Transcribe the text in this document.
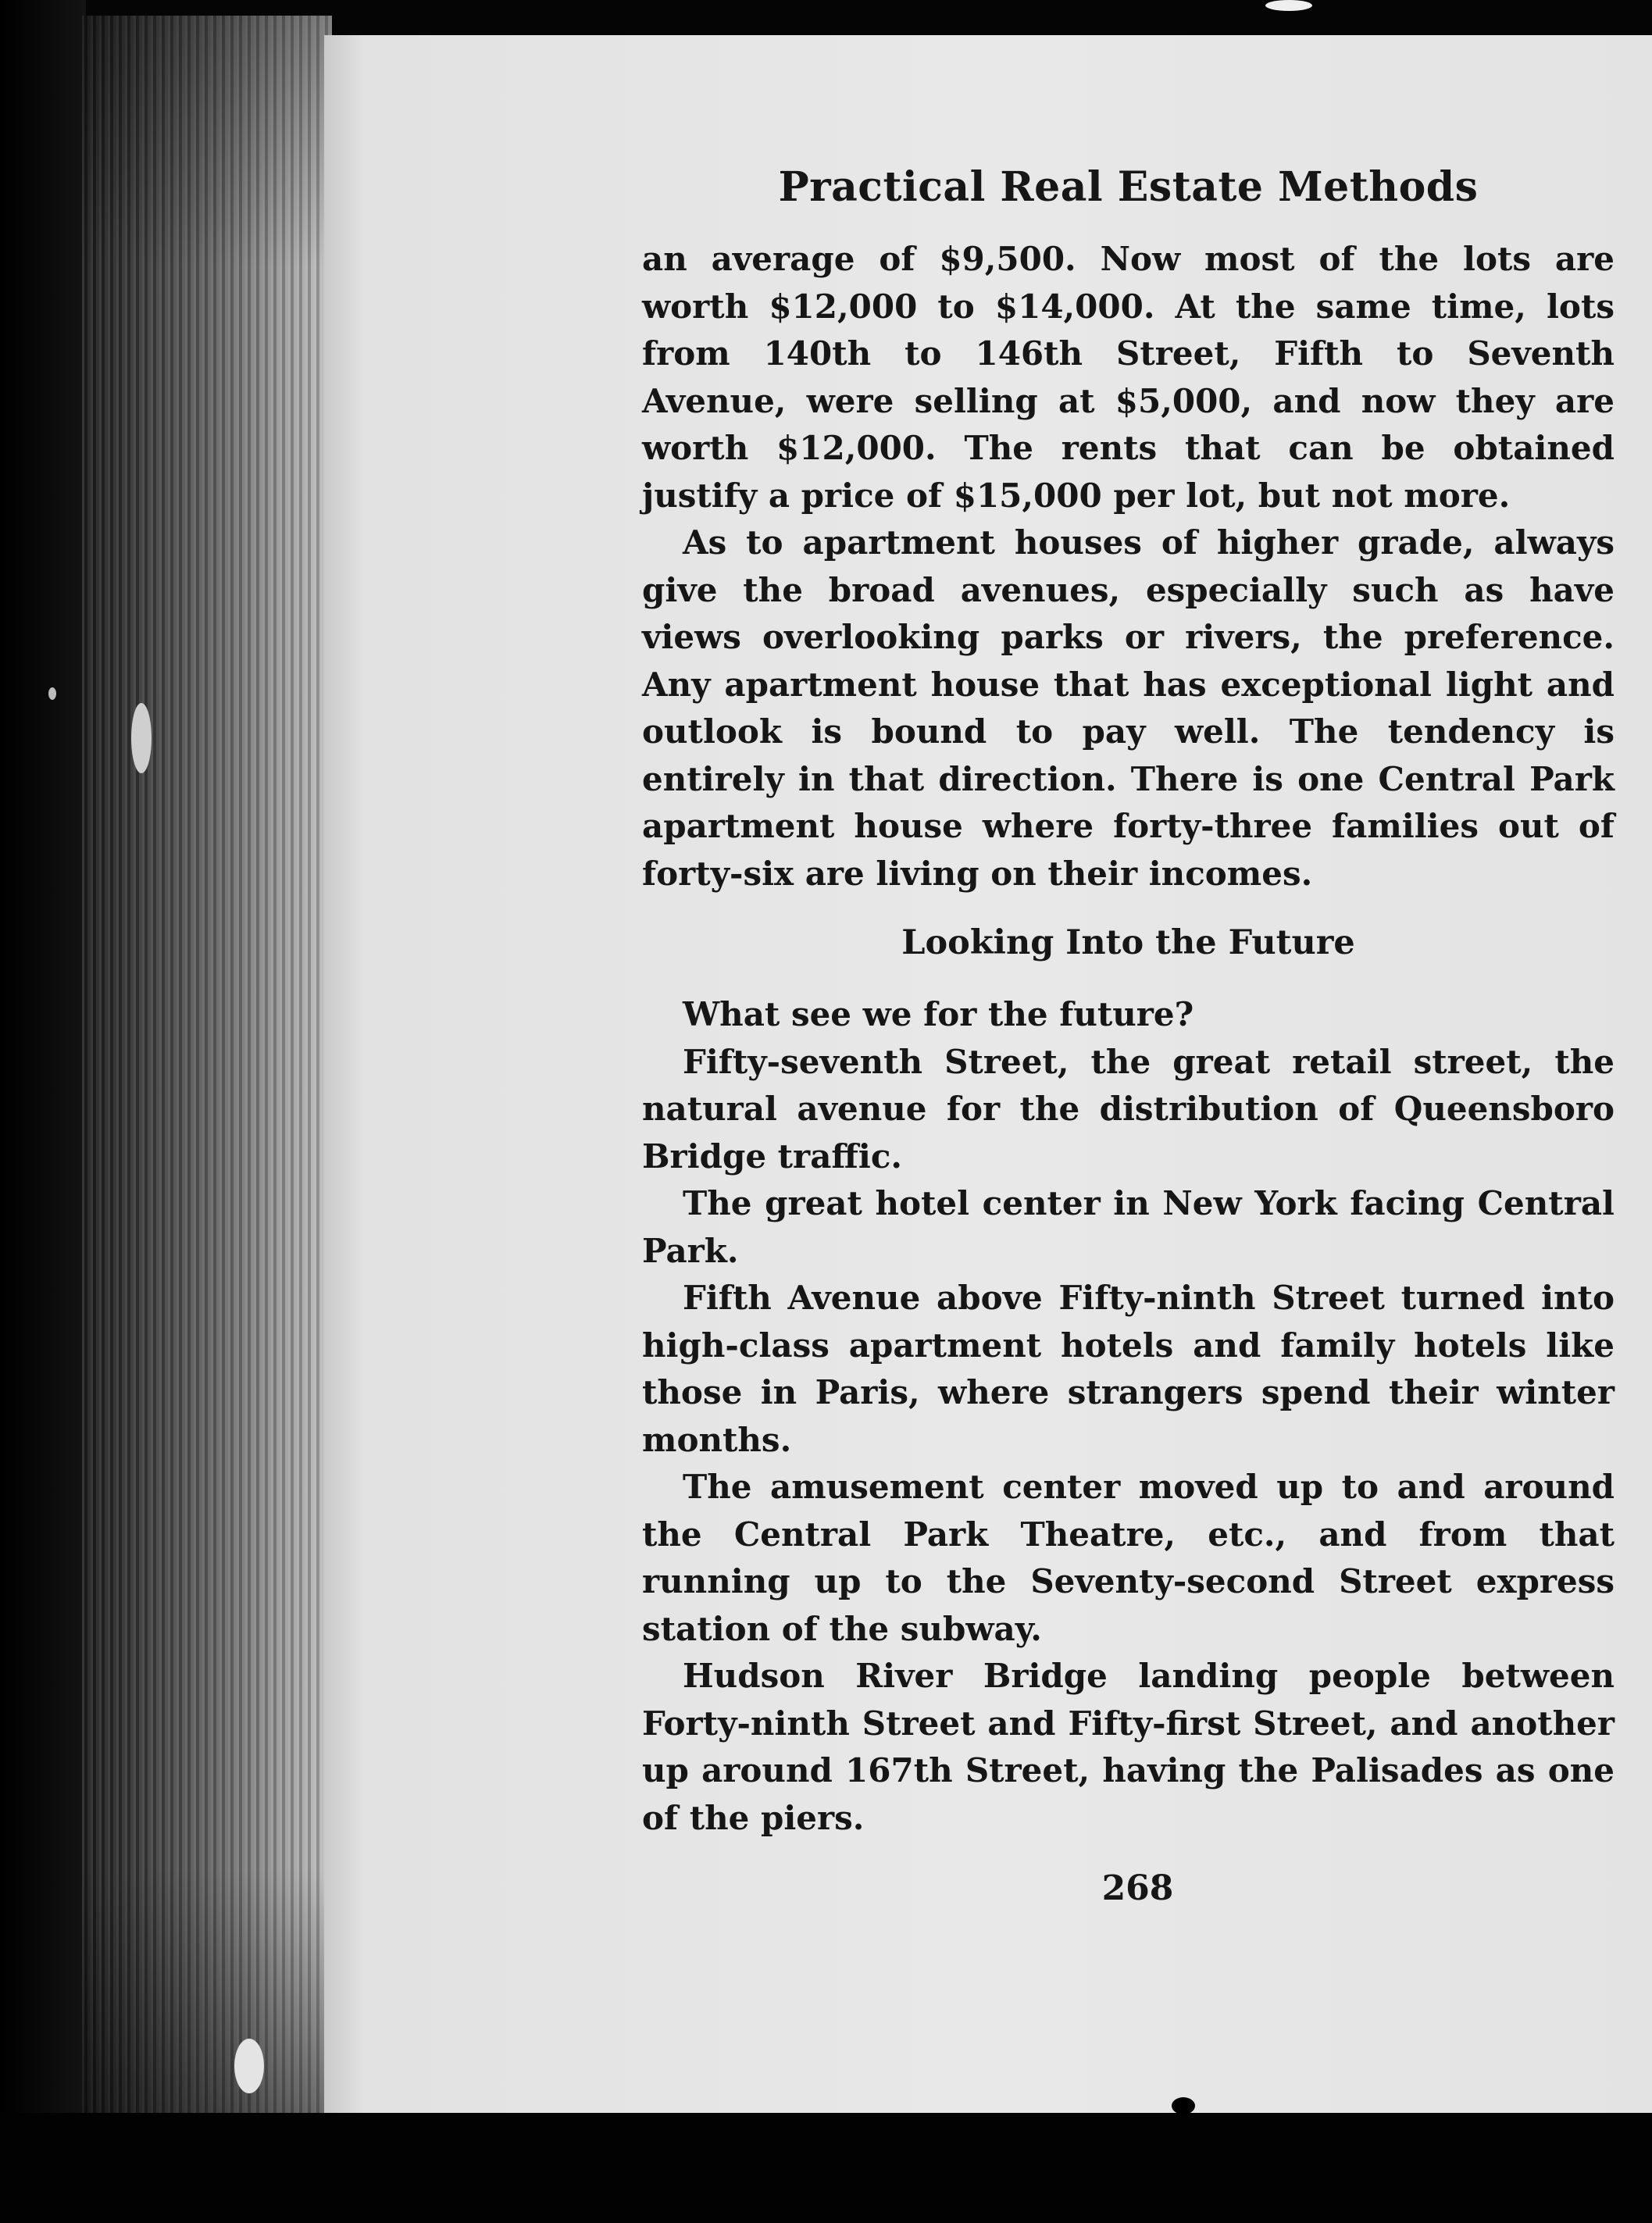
Practical Real Estate Methods

an average of $9,500. Now most of the lots are worth $12,000 to $14,000. At the same time, lots from 140th to 146th Street, Fifth to Seventh Avenue, were selling at $5,000, and now they are worth $12,000. The rents that can be obtained justify a price of $15,000 per lot, but not more.

As to apartment houses of higher grade, always give the broad avenues, especially such as have views overlooking parks or rivers, the preference. Any apartment house that has exceptional light and outlook is bound to pay well. The tendency is entirely in that direction. There is one Central Park apartment house where forty-three families out of forty-six are living on their incomes.

Looking Into the Future

What see we for the future?

Fifty-seventh Street, the great retail street, the natural avenue for the distribution of Queensboro Bridge traffic.

The great hotel center in New York facing Central Park.

Fifth Avenue above Fifty-ninth Street turned into high-class apartment hotels and family hotels like those in Paris, where strangers spend their winter months.

The amusement center moved up to and around the Central Park Theatre, etc., and from that running up to the Seventy-second Street express station of the subway.

Hudson River Bridge landing people between Forty-ninth Street and Fifty-first Street, and another up around 167th Street, having the Palisades as one of the piers.

268
